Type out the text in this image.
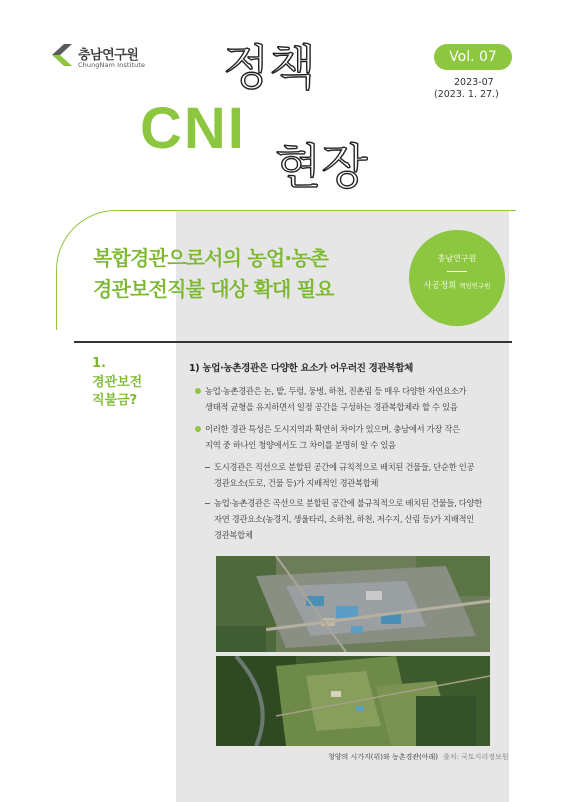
충남연구원
ChungNam Institute 정책
CNI
현장
Vol. 07
2023-07
(2023. 1. 27.)
복합경관으로서의 농업·농촌
경관보전직불 대상 확대 필요
충남연구원
사공정희 책임연구원
1.
경관보전
직불금?
1) 농업·농촌경관은 다양한 요소가 어우러진 경관복합체
농업·농촌경관은 논, 밭, 두렁, 둥벙, 하천, 진촌림 등 매우 다양한 자연요소가
생태적 균형을 유지하면서 일정 공간을 구성하는 경관복합체라 할 수 있음
이러한 경관 특성은 도시지역과 확연히 차이가 있으며, 충남에서 가장 작은
지역 중 하나인 청양에서도 그 차이를 분명히 알 수 있음
− 도시경관은 직선으로 분할된 공간에 규칙적으로 배치된 건물들, 단순한 인공
경관요소(도로, 건물 등)가 지배적인 경관복합체
− 농업·농촌경관은 곡선으로 분할된 공간에 불규칙적으로 배치된 건물들, 다양한
자연 경관요소(농경지, 생울타리, 소하천, 하천, 저수지, 산림 등)가 지배적인
경관복합체
청양의 시가지(위)와 농촌경관(아래) 출처: 국토지리정보원
